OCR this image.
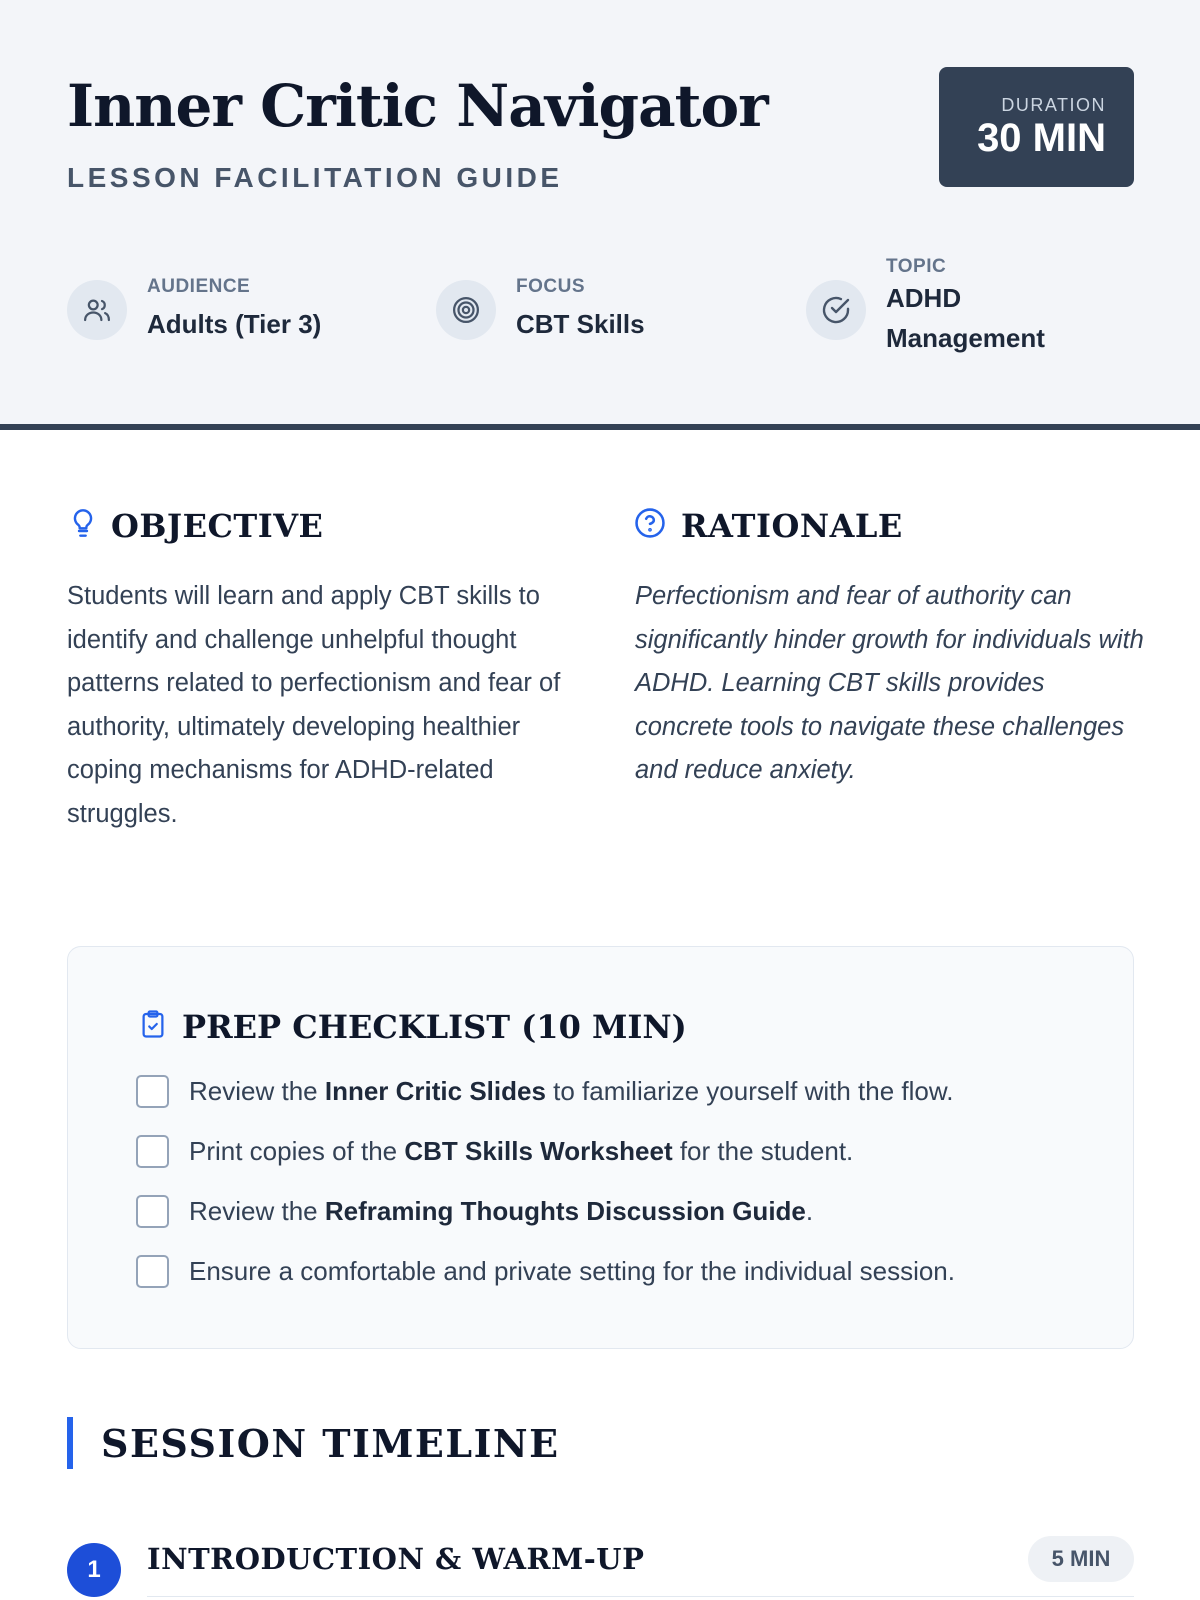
Inner Critic Navigator
LESSON FACILITATION GUIDE
DURATION
30 MIN
AUDIENCE
Adults (Tier 3)
FOCUS
CBT Skills
TOPIC
ADHD Management
OBJECTIVE
Students will learn and apply CBT skills to identify and challenge unhelpful thought patterns related to perfectionism and fear of authority, ultimately developing healthier coping mechanisms for ADHD-related struggles.
RATIONALE
Perfectionism and fear of authority can significantly hinder growth for individuals with ADHD. Learning CBT skills provides concrete tools to navigate these challenges and reduce anxiety.
PREP CHECKLIST (10 MIN)
Review the Inner Critic Slides to familiarize yourself with the flow.
Print copies of the CBT Skills Worksheet for the student.
Review the Reframing Thoughts Discussion Guide.
Ensure a comfortable and private setting for the individual session.
SESSION TIMELINE
1	INTRODUCTION & WARM-UP	5 MIN
